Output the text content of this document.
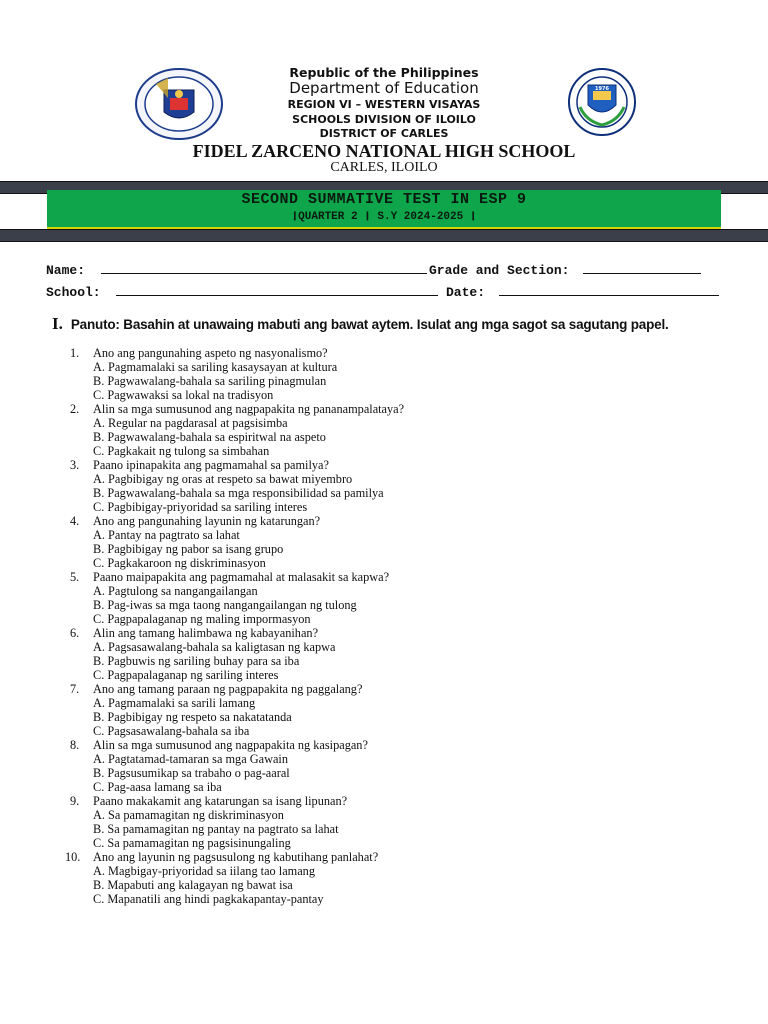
1976
Republic of the Philippines
Department of Education
REGION VI – WESTERN VISAYAS
SCHOOLS DIVISION OF ILOILO
DISTRICT OF CARLES
FIDEL ZARCENO NATIONAL HIGH SCHOOL
CARLES, ILOILO
SECOND SUMMATIVE TEST IN ESP 9
❙QUARTER 2 ❙ S.Y 2024-2025 ❙
Name:	Grade and Section:
School:	Date:
I. Panuto: Basahin at unawaing mabuti ang bawat aytem. Isulat ang mga sagot sa sagutang papel.
1.	Ano ang pangunahing aspeto ng nasyonalismo?
A. Pagmamalaki sa sariling kasaysayan at kultura
B. Pagwawalang-bahala sa sariling pinagmulan
C. Pagwawaksi sa lokal na tradisyon
2.	Alin sa mga sumusunod ang nagpapakita ng pananampalataya?
A. Regular na pagdarasal at pagsisimba
B. Pagwawalang-bahala sa espiritwal na aspeto
C. Pagkakait ng tulong sa simbahan
3.	Paano ipinapakita ang pagmamahal sa pamilya?
A. Pagbibigay ng oras at respeto sa bawat miyembro
B. Pagwawalang-bahala sa mga responsibilidad sa pamilya
C. Pagbibigay-priyoridad sa sariling interes
4.	Ano ang pangunahing layunin ng katarungan?
A. Pantay na pagtrato sa lahat
B. Pagbibigay ng pabor sa isang grupo
C. Pagkakaroon ng diskriminasyon
5.	Paano maipapakita ang pagmamahal at malasakit sa kapwa?
A. Pagtulong sa nangangailangan
B. Pag-iwas sa mga taong nangangailangan ng tulong
C. Pagpapalaganap ng maling impormasyon
6.	Alin ang tamang halimbawa ng kabayanihan?
A. Pagsasawalang-bahala sa kaligtasan ng kapwa
B. Pagbuwis ng sariling buhay para sa iba
C. Pagpapalaganap ng sariling interes
7.	Ano ang tamang paraan ng pagpapakita ng paggalang?
A. Pagmamalaki sa sarili lamang
B. Pagbibigay ng respeto sa nakatatanda
C. Pagsasawalang-bahala sa iba
8.	Alin sa mga sumusunod ang nagpapakita ng kasipagan?
A. Pagtatamad-tamaran sa mga Gawain
B. Pagsusumikap sa trabaho o pag-aaral
C. Pag-aasa lamang sa iba
9.	Paano makakamit ang katarungan sa isang lipunan?
A. Sa pamamagitan ng diskriminasyon
B. Sa pamamagitan ng pantay na pagtrato sa lahat
C. Sa pamamagitan ng pagsisinungaling
10.	Ano ang layunin ng pagsusulong ng kabutihang panlahat?
A. Magbigay-priyoridad sa iilang tao lamang
B. Mapabuti ang kalagayan ng bawat isa
C. Mapanatili ang hindi pagkakapantay-pantay
